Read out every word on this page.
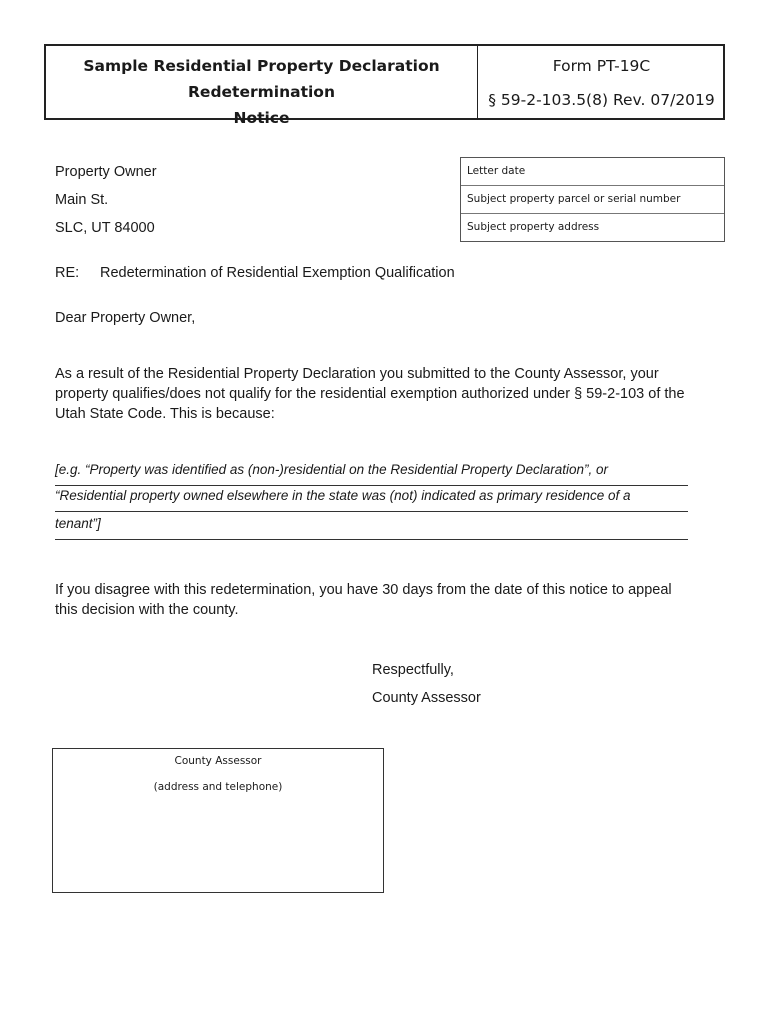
Sample Residential Property Declaration Redetermination
Notice
Form PT-19C
§ 59-2-103.5(8) Rev. 07/2019
Property Owner
Main St.
SLC, UT 84000
Letter date
Subject property parcel or serial number
Subject property address
RE: Redetermination of Residential Exemption Qualification
Dear Property Owner,
As a result of the Residential Property Declaration you submitted to the County Assessor, your property qualifies/does not qualify for the residential exemption authorized under § 59-2-103 of the Utah State Code. This is because:
[e.g. “Property was identified as (non-)residential on the Residential Property Declaration”, or
“Residential property owned elsewhere in the state was (not) indicated as primary residence of a
tenant”]
If you disagree with this redetermination, you have 30 days from the date of this notice to appeal this decision with the county.
Respectfully,
County Assessor
County Assessor
(address and telephone)
